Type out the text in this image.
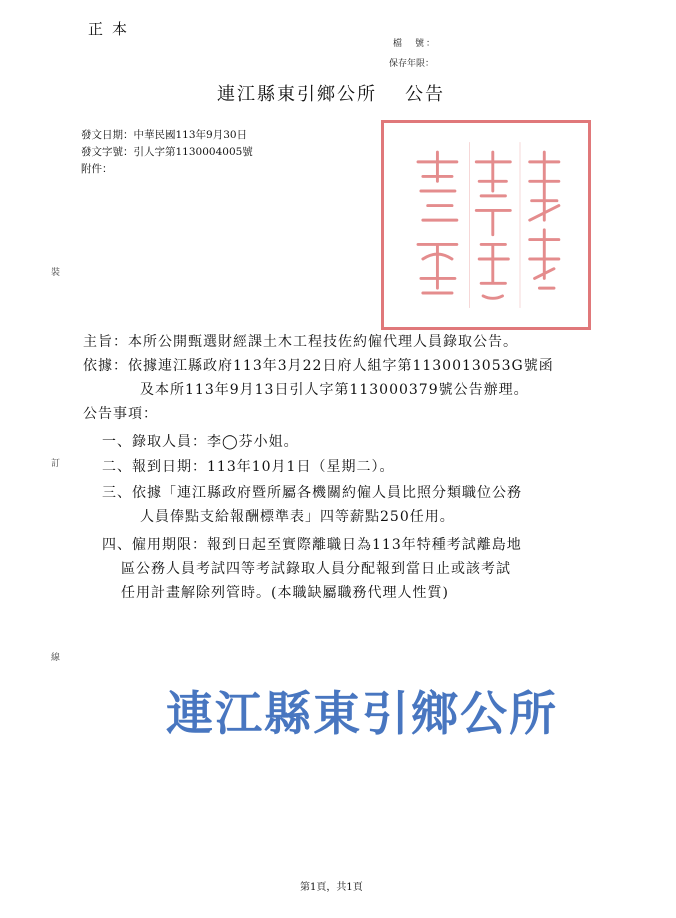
正本
檔　號：
保存年限：
連江縣東引鄉公所 公告
發文日期：中華民國113年9月30日
發文字號：引人字第1130004005號
附件：
裝
訂
線
主旨：本所公開甄選財經課土木工程技佐約僱代理人員錄取公告。
依據：依據連江縣政府113年3月22日府人組字第1130013053G號函
及本所113年9月13日引人字第113000379號公告辦理。
公告事項：
一、錄取人員：李◯芬小姐。
二、報到日期：113年10月1日（星期二）。
三、依據「連江縣政府暨所屬各機關約僱人員比照分類職位公務
人員俸點支給報酬標準表」四等薪點250任用。
四、僱用期限：報到日起至實際離職日為113年特種考試離島地
區公務人員考試四等考試錄取人員分配報到當日止或該考試
任用計畫解除列管時。(本職缺屬職務代理人性質)
連江縣東引鄉公所
第1頁，共1頁
